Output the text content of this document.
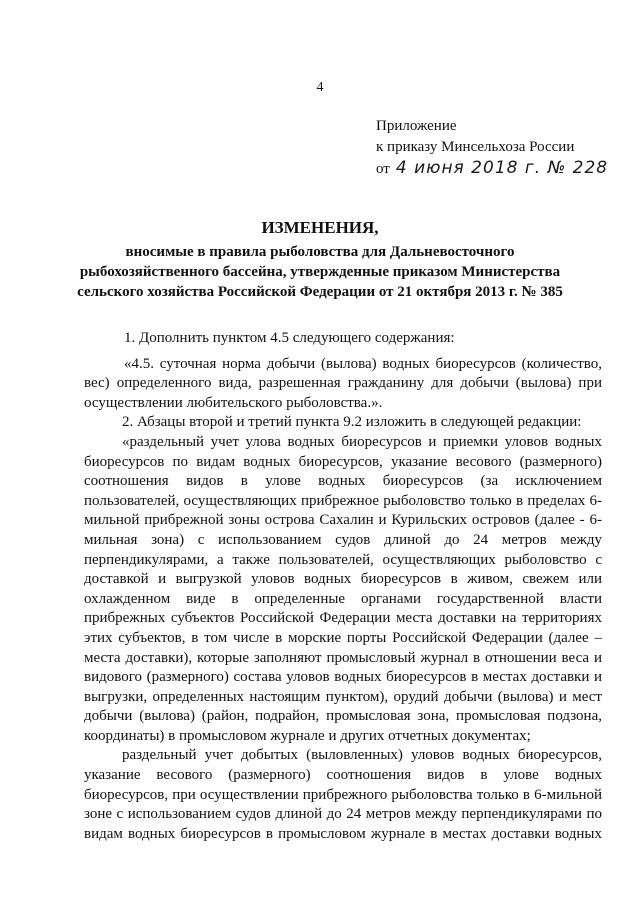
4
Приложение
к приказу Минсельхоза России
от 4 июня 2018 г. № 228
ИЗМЕНЕНИЯ,
вносимые в правила рыболовства для Дальневосточного
рыбохозяйственного бассейна, утвержденные приказом Министерства
сельского хозяйства Российской Федерации от 21 октября 2013 г. № 385

1. Дополнить пунктом 4.5 следующего содержания:

«4.5. суточная норма добычи (вылова) водных биоресурсов (количество, вес) определенного вида, разрешенная гражданину для добычи (вылова) при осуществлении любительского рыболовства.».

2. Абзацы второй и третий пункта 9.2 изложить в следующей редакции:

«раздельный учет улова водных биоресурсов и приемки уловов водных биоресурсов по видам водных биоресурсов, указание весового (размерного) соотношения видов в улове водных биоресурсов (за исключением пользователей, осуществляющих прибрежное рыболовство только в пределах 6-мильной прибрежной зоны острова Сахалин и Курильских островов (далее - 6-мильная зона) с использованием судов длиной до 24 метров между перпендикулярами, а также пользователей, осуществляющих рыболовство с доставкой и выгрузкой уловов водных биоресурсов в живом, свежем или охлажденном виде в определенные органами государственной власти прибрежных субъектов Российской Федерации места доставки на территориях этих субъектов, в том числе в морские порты Российской Федерации (далее – места доставки), которые заполняют промысловый журнал в отношении веса и видового (размерного) состава уловов водных биоресурсов в местах доставки и выгрузки, определенных настоящим пунктом), орудий добычи (вылова) и мест добычи (вылова) (район, подрайон, промысловая зона, промысловая подзона, координаты) в промысловом журнале и других отчетных документах;

раздельный учет добытых (выловленных) уловов водных биоресурсов, указание весового (размерного) соотношения видов в улове водных биоресурсов, при осуществлении прибрежного рыболовства только в 6-мильной зоне с использованием судов длиной до 24 метров между перпендикулярами по видам водных биоресурсов в промысловом журнале в местах доставки водных
